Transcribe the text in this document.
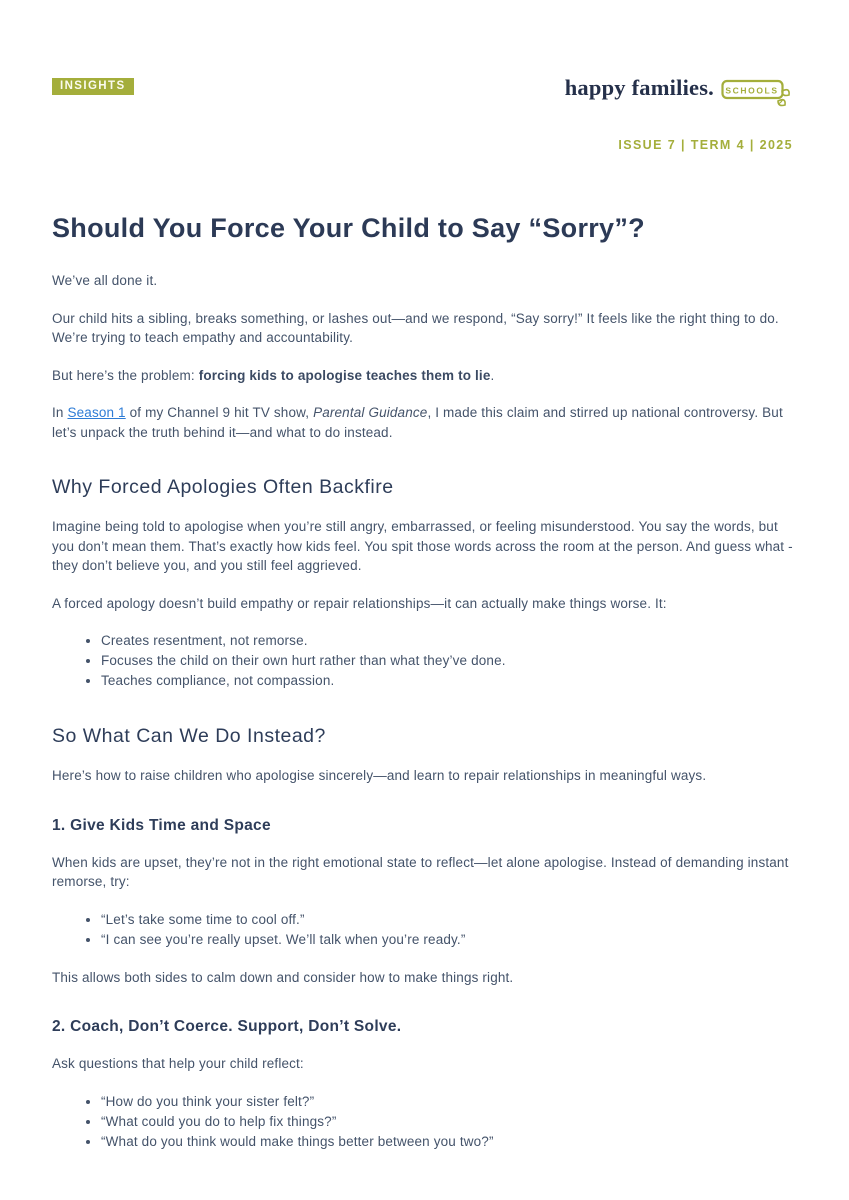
INSIGHTS	happy families. SCHOOLS
ISSUE 7 | TERM 4 | 2025
Should You Force Your Child to Say “Sorry”?

We’ve all done it.

Our child hits a sibling, breaks something, or lashes out—and we respond, “Say sorry!” It feels like the right thing to do. We’re trying to teach empathy and accountability.

But here’s the problem: forcing kids to apologise teaches them to lie.

In Season 1 of my Channel 9 hit TV show, Parental Guidance, I made this claim and stirred up national controversy. But let’s unpack the truth behind it—and what to do instead.

Why Forced Apologies Often Backfire

Imagine being told to apologise when you’re still angry, embarrassed, or feeling misunderstood. You say the words, but you don’t mean them. That’s exactly how kids feel. You spit those words across the room at the person. And guess what - they don’t believe you, and you still feel aggrieved.

A forced apology doesn’t build empathy or repair relationships—it can actually make things worse. It:

• Creates resentment, not remorse.
• Focuses the child on their own hurt rather than what they’ve done.
• Teaches compliance, not compassion.
So What Can We Do Instead?

Here’s how to raise children who apologise sincerely—and learn to repair relationships in meaningful ways.

1. Give Kids Time and Space

When kids are upset, they’re not in the right emotional state to reflect—let alone apologise. Instead of demanding instant remorse, try:

• “Let’s take some time to cool off.”
• “I can see you’re really upset. We’ll talk when you’re ready.”

This allows both sides to calm down and consider how to make things right.

2. Coach, Don’t Coerce. Support, Don’t Solve.

Ask questions that help your child reflect:

• “How do you think your sister felt?”
• “What could you do to help fix things?”
• “What do you think would make things better between you two?”
